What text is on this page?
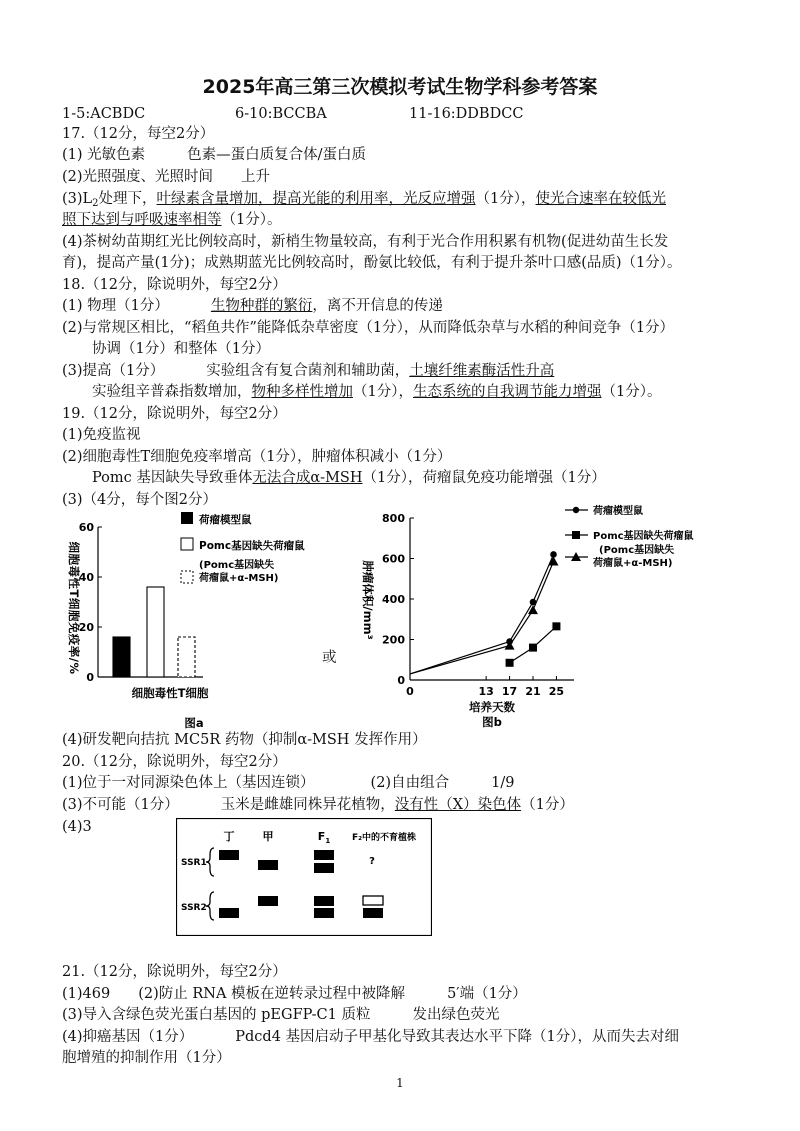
2025年高三第三次模拟考试生物学科参考答案
1-5:ACBDC	6-10:BCCBA	11-16:DDBDCC
17.（12分，每空2分）
(1) 光敏色素	色素—蛋白质复合体/蛋白质
(2)光照强度、光照时间 上升
$(3)L_2$处理下，叶绿素含量增加，提高光能的利用率，光反应增强（1分），使光合速率在较低光
照下达到与呼吸速率相等（1分）。
(4)茶树幼苗期红光比例较高时，新梢生物量较高，有利于光合作用积累有机物(促进幼苗生长发
育)，提高产量(1分)；成熟期蓝光比例较高时，酚氨比较低，有利于提升茶叶口感(品质)（1分）。
18.（12分，除说明外，每空2分）
(1) 物理（1分）	生物种群的繁衍，离不开信息的传递
(2)与常规区相比，“稻鱼共作”能降低杂草密度（1分），从而降低杂草与水稻的种间竞争（1分）
协调（1分）和整体（1分）
(3)提高（1分）	实验组含有复合菌剂和辅助菌，土壤纤维素酶活性升高
实验组辛普森指数增加，物种多样性增加（1分），生态系统的自我调节能力增强（1分）。
19.（12分，除说明外，每空2分）
(1)免疫监视
(2)细胞毒性T细胞免疫率增高（1分），肿瘤体积减小（1分）
Pomc 基因缺失导致垂体无法合成α-MSH（1分），荷瘤鼠免疫功能增强（1分）
(3)（4分，每个图2分）
0
20
40
60
细胞毒性T细胞免疫率/%
细胞毒性T细胞
图a
荷瘤模型鼠
Pomc基因缺失荷瘤鼠
(Pomc基因缺失
荷瘤鼠+α-MSH)
或
0
200
400
600
800
0	13 17 21 25
肿瘤体积/mm³
培养天数
图b
荷瘤模型鼠
Pomc基因缺失荷瘤鼠
(Pomc基因缺失
荷瘤鼠+α-MSH)
(4)研发靶向拮抗 MC5R 药物（抑制α-MSH 发挥作用）
20.（12分，除说明外，每空2分）
(1)位于一对同源染色体上（基因连锁）	(2)自由组合	1/9
(3)不可能（1分）	玉米是雌雄同株异花植物，没有性（X）染色体（1分）
(4)3
丁	甲	$F_1$ F₂中的不育植株
SSR1
SSR2
?
21.（12分，除说明外，每空2分）
(1)469 (2)防止 RNA 模板在逆转录过程中被降解	5′端（1分）
(3)导入含绿色荧光蛋白基因的 pEGFP-C1 质粒	发出绿色荧光
(4)抑癌基因（1分）	Pdcd4 基因启动子甲基化导致其表达水平下降（1分），从而失去对细
胞增殖的抑制作用（1分）
1
